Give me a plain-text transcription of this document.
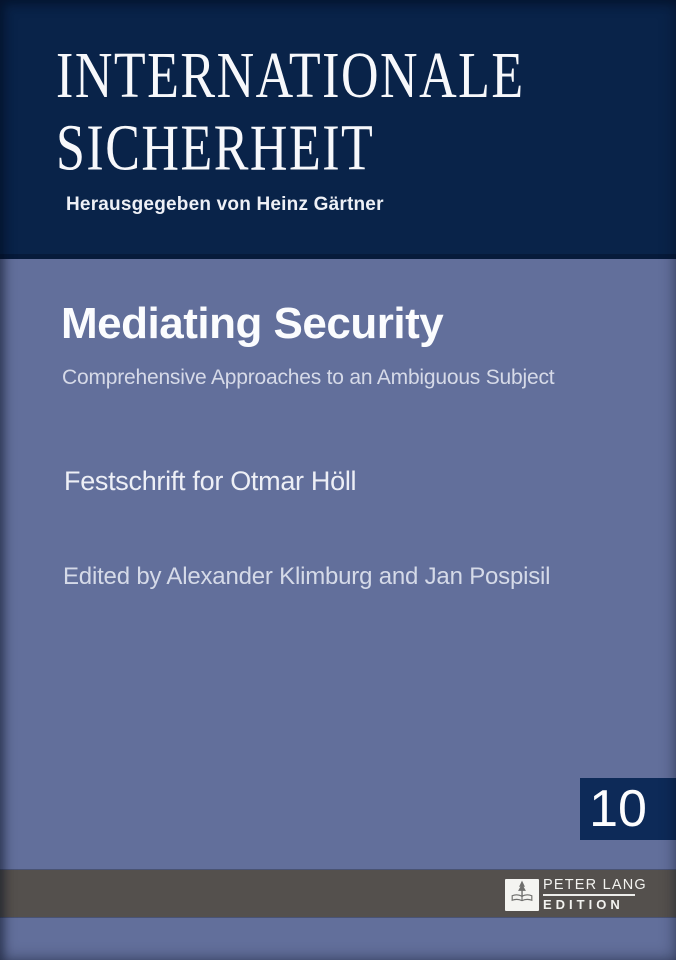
INTERNATIONALE
SICHERHEIT
Herausgegeben von Heinz Gärtner
Mediating Security
Comprehensive Approaches to an Ambiguous Subject
Festschrift for Otmar Höll
Edited by Alexander Klimburg and Jan Pospisil
10
PETER LANG
EDITION
